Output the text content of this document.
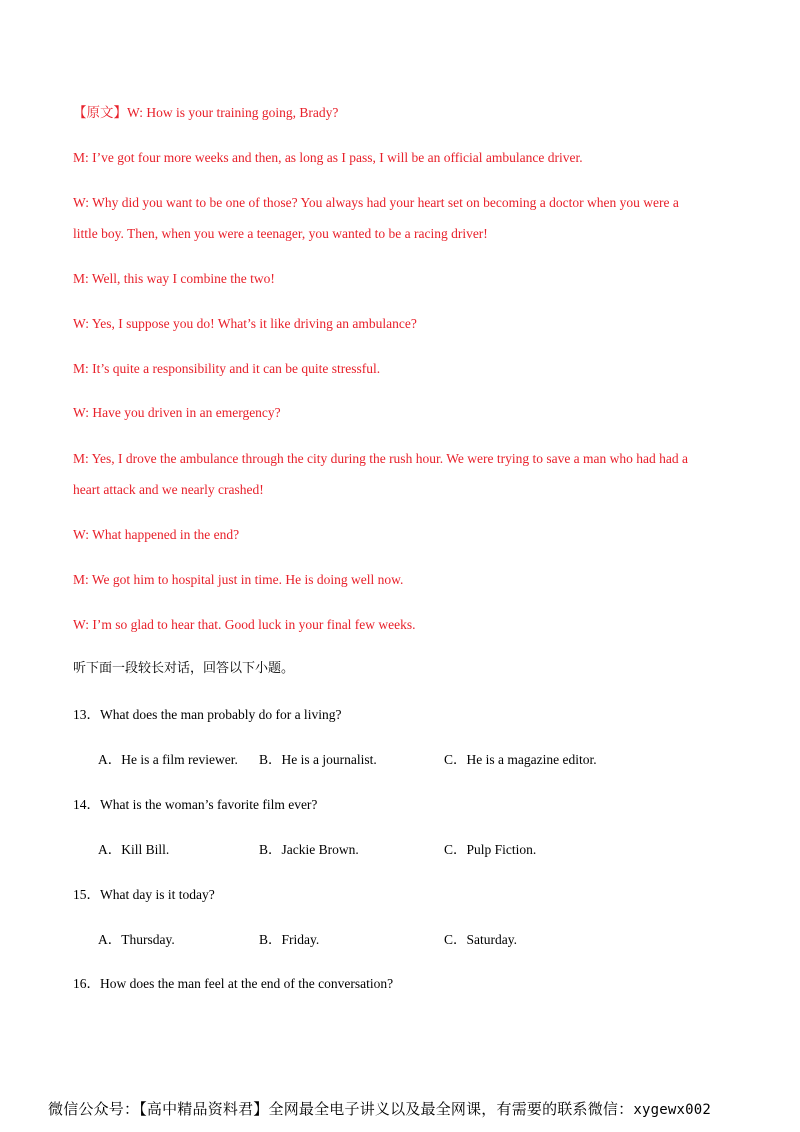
【原文】W: How is your training going, Brady?
M: I’ve got four more weeks and then, as long as I pass, I will be an official ambulance driver.
W: Why did you want to be one of those? You always had your heart set on becoming a doctor when you were a
little boy. Then, when you were a teenager, you wanted to be a racing driver!
M: Well, this way I combine the two!
W: Yes, I suppose you do! What’s it like driving an ambulance?
M: It’s quite a responsibility and it can be quite stressful.
W: Have you driven in an emergency?
M: Yes, I drove the ambulance through the city during the rush hour. We were trying to save a man who had had a
heart attack and we nearly crashed!
W: What happened in the end?
M: We got him to hospital just in time. He is doing well now.
W: I’m so glad to hear that. Good luck in your final few weeks.
听下面一段较长对话，回答以下小题。
13．What does the man probably do for a living?
A．He is a film reviewer. B．He is a journalist.	C．He is a magazine editor.
14．What is the woman’s favorite film ever?
A．Kill Bill.	B．Jackie Brown.	C．Pulp Fiction.
15．What day is it today?
A．Thursday.	B．Friday.	C．Saturday.
16．How does the man feel at the end of the conversation?
微信公众号：【高中精品资料君】全网最全电子讲义以及最全网课，有需要的联系微信：xygewx002
